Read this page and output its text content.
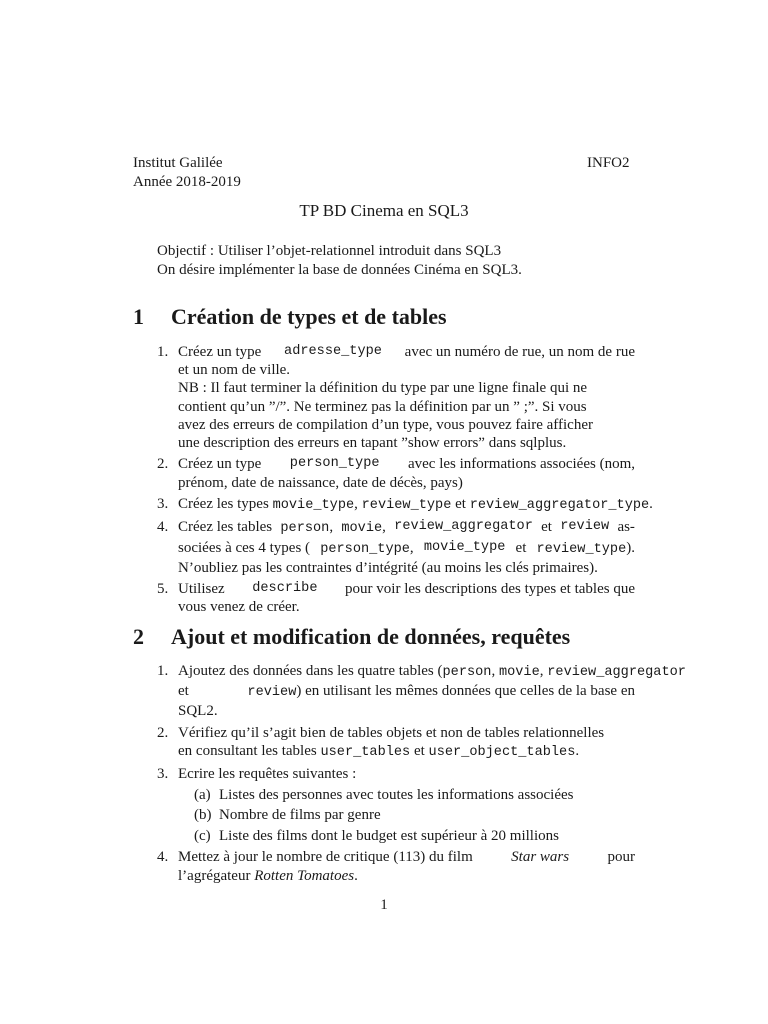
Institut Galilée	INFO2
Année 2018-2019
TP BD Cinema en SQL3
Objectif : Utiliser l’objet-relationnel introduit dans SQL3
On désire implémenter la base de données Cinéma en SQL3.
1 Création de types et de tables
1. Créez un type adresse_type avec un numéro de rue, un nom de rue
et un nom de ville.
NB : Il faut terminer la définition du type par une ligne finale qui ne
contient qu’un ”/”. Ne terminez pas la définition par un ” ;”. Si vous
avez des erreurs de compilation d’un type, vous pouvez faire afficher
une description des erreurs en tapant ”show errors” dans sqlplus.
2. Créez un type person_type avec les informations associées (nom,
prénom, date de naissance, date de décès, pays)
3. Créez les types movie_type, review_type et review_aggregator_type.
4. Créez les tables person, movie, review_aggregator et review as-
sociées à ces 4 types ( person_type, movie_type et review_type).
N’oubliez pas les contraintes d’intégrité (au moins les clés primaires).
5. Utilisez describe pour voir les descriptions des types et tables que
vous venez de créer.
2 Ajout et modification de données, requêtes
1. Ajoutez des données dans les quatre tables (person, movie, review_aggregator
et	review) en utilisant les mêmes données que celles de la base en
SQL2.
2. Vérifiez qu’il s’agit bien de tables objets et non de tables relationnelles
en consultant les tables user_tables et user_object_tables.
3. Ecrire les requêtes suivantes :
(a) Listes des personnes avec toutes les informations associées
(b) Nombre de films par genre
(c) Liste des films dont le budget est supérieur à 20 millions
4. Mettez à jour le nombre de critique (113) du film	Star wars	pour
l’agrégateur Rotten Tomatoes.
1
